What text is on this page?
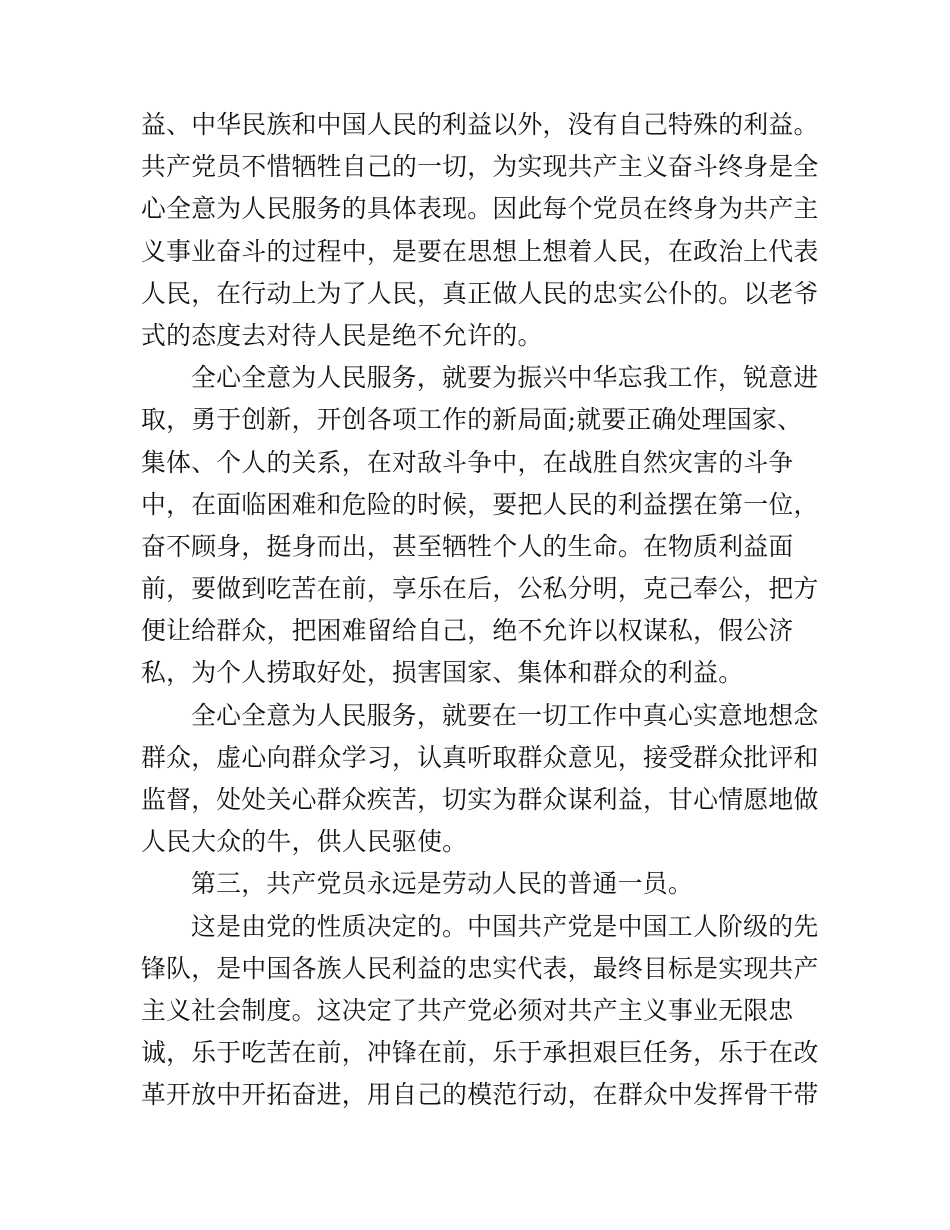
益、中华民族和中国人民的利益以外，没有自己特殊的利益。
共产党员不惜牺牲自己的一切，为实现共产主义奋斗终身是全
心全意为人民服务的具体表现。因此每个党员在终身为共产主
义事业奋斗的过程中，是要在思想上想着人民，在政治上代表
人民，在行动上为了人民，真正做人民的忠实公仆的。以老爷
式的态度去对待人民是绝不允许的。
全心全意为人民服务，就要为振兴中华忘我工作，锐意进
取，勇于创新，开创各项工作的新局面;就要正确处理国家、
集体、个人的关系，在对敌斗争中，在战胜自然灾害的斗争
中，在面临困难和危险的时候，要把人民的利益摆在第一位，
奋不顾身，挺身而出，甚至牺牲个人的生命。在物质利益面
前，要做到吃苦在前，享乐在后，公私分明，克己奉公，把方
便让给群众，把困难留给自己，绝不允许以权谋私，假公济
私，为个人捞取好处，损害国家、集体和群众的利益。
全心全意为人民服务，就要在一切工作中真心实意地想念
群众，虚心向群众学习，认真听取群众意见，接受群众批评和
监督，处处关心群众疾苦，切实为群众谋利益，甘心情愿地做
人民大众的牛，供人民驱使。
第三，共产党员永远是劳动人民的普通一员。
这是由党的性质决定的。中国共产党是中国工人阶级的先
锋队，是中国各族人民利益的忠实代表，最终目标是实现共产
主义社会制度。这决定了共产党必须对共产主义事业无限忠
诚，乐于吃苦在前，冲锋在前，乐于承担艰巨任务，乐于在改
革开放中开拓奋进，用自己的模范行动，在群众中发挥骨干带
